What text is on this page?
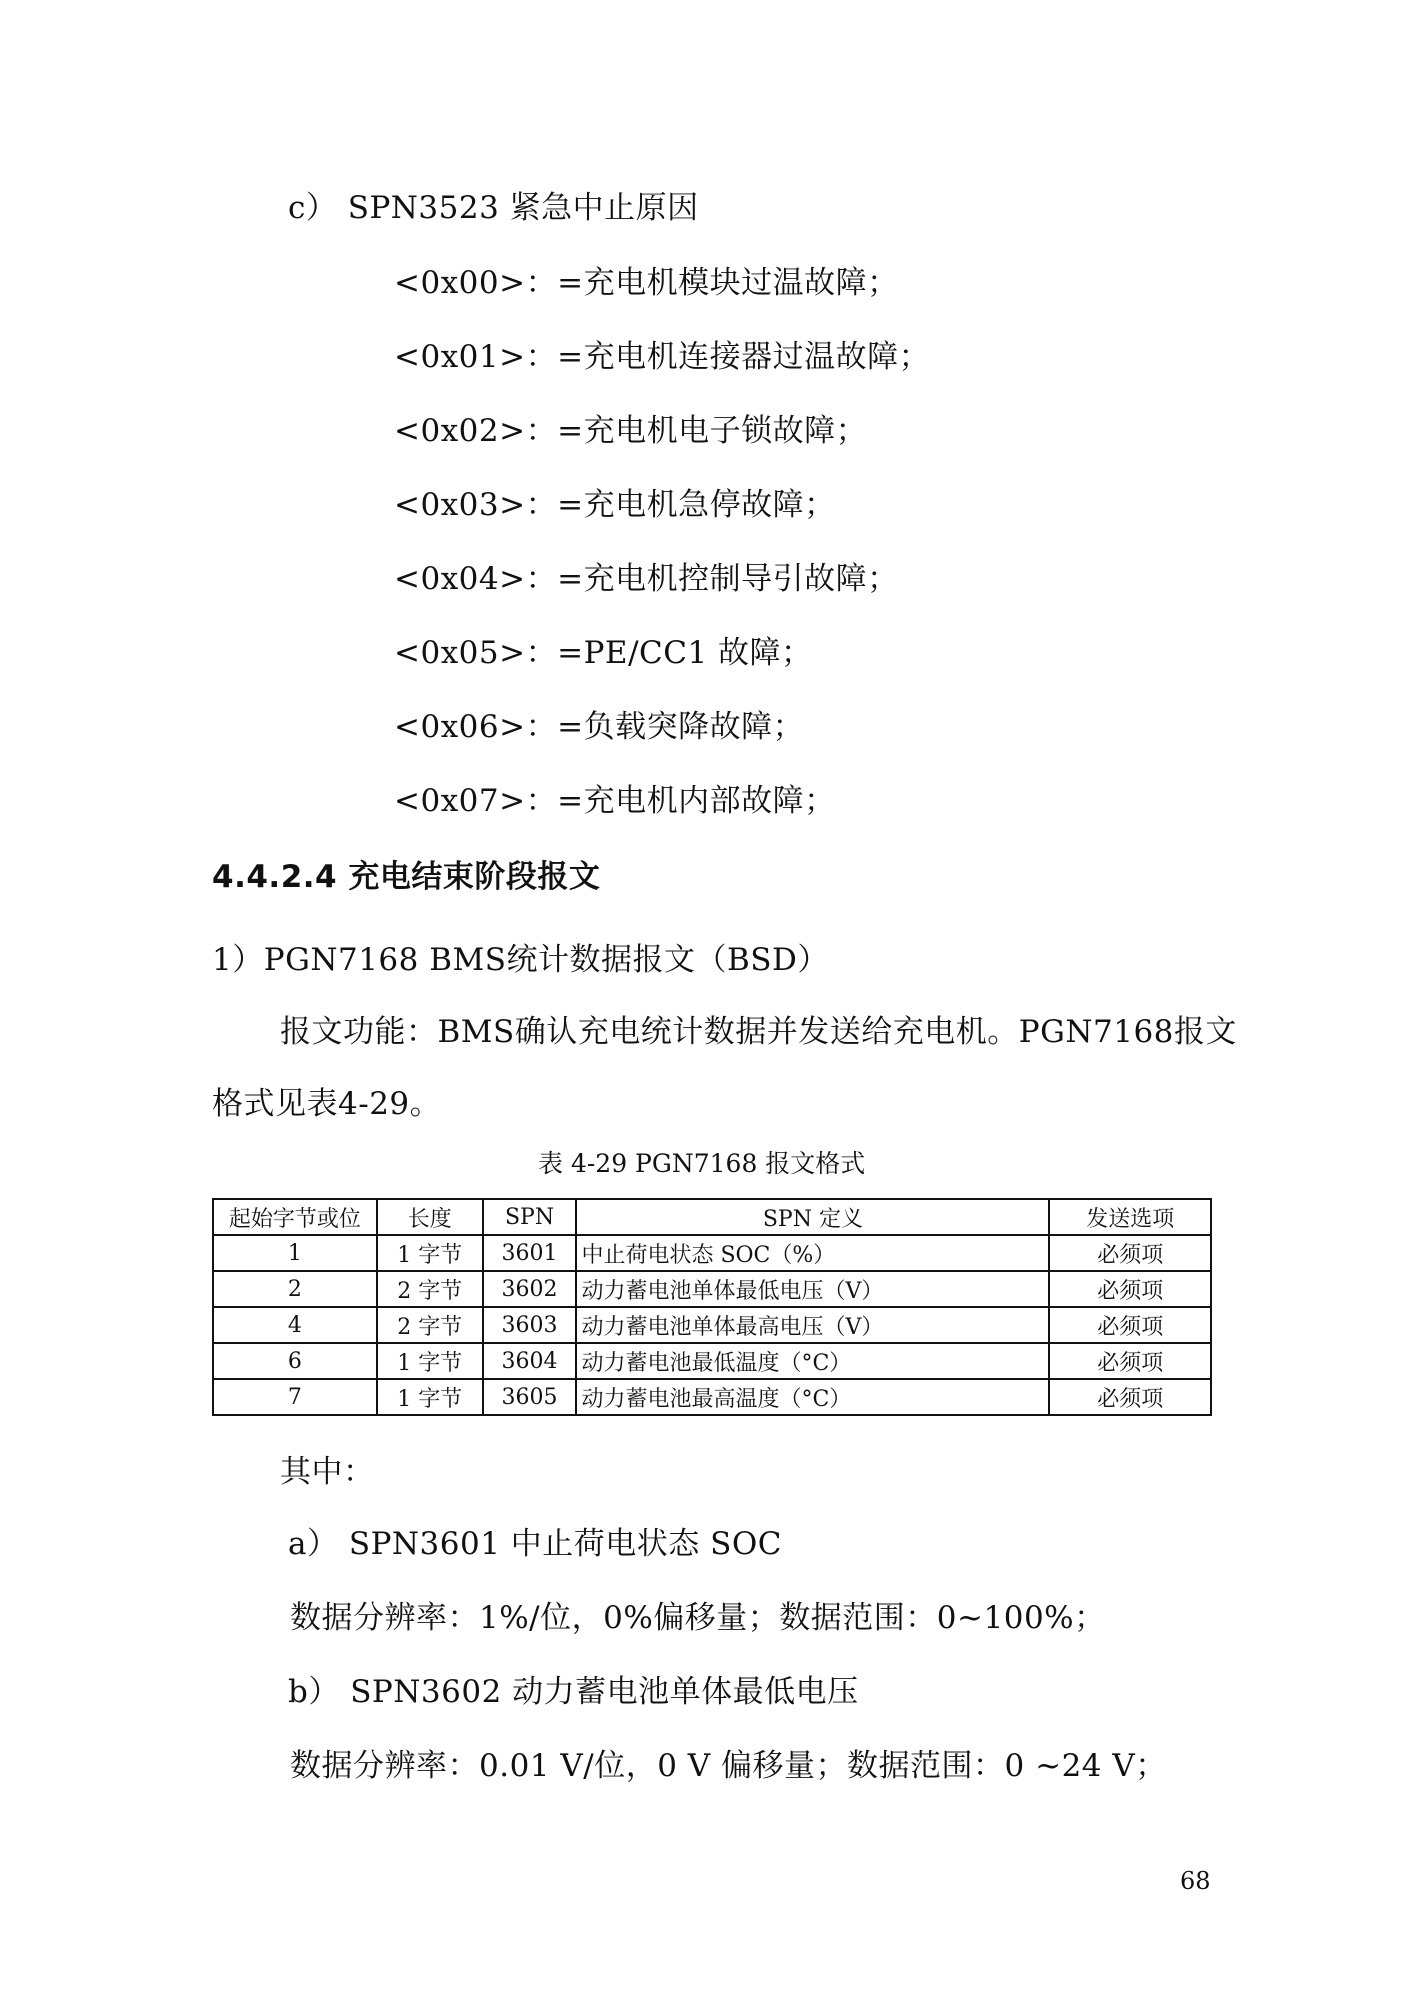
c） SPN3523 紧急中止原因
<0x00>：=充电机模块过温故障；
<0x01>：=充电机连接器过温故障；
<0x02>：=充电机电子锁故障；
<0x03>：=充电机急停故障；
<0x04>：=充电机控制导引故障；
<0x05>：=PE/CC1 故障；
<0x06>：=负载突降故障；
<0x07>：=充电机内部故障；
4.4.2.4 充电结束阶段报文
1）PGN7168 BMS统计数据报文（BSD）
报文功能：BMS确认充电统计数据并发送给充电机。PGN7168报文
格式见表4-29。
表 4-29 PGN7168 报文格式
起始字节或位	长度	SPN	SPN 定义	发送选项
1	1 字节	3601	中止荷电状态 SOC（%）	必须项
2	2 字节	3602	动力蓄电池单体最低电压（V）	必须项
4	2 字节	3603	动力蓄电池单体最高电压（V）	必须项
6	1 字节	3604	动力蓄电池最低温度（°C）	必须项
7	1 字节	3605	动力蓄电池最高温度（°C）	必须项
其中：
a） SPN3601 中止荷电状态 SOC
数据分辨率：1%/位，0%偏移量；数据范围：0~100%；
b） SPN3602 动力蓄电池单体最低电压
数据分辨率：0.01 V/位，0 V 偏移量；数据范围：0 ~24 V；
68
